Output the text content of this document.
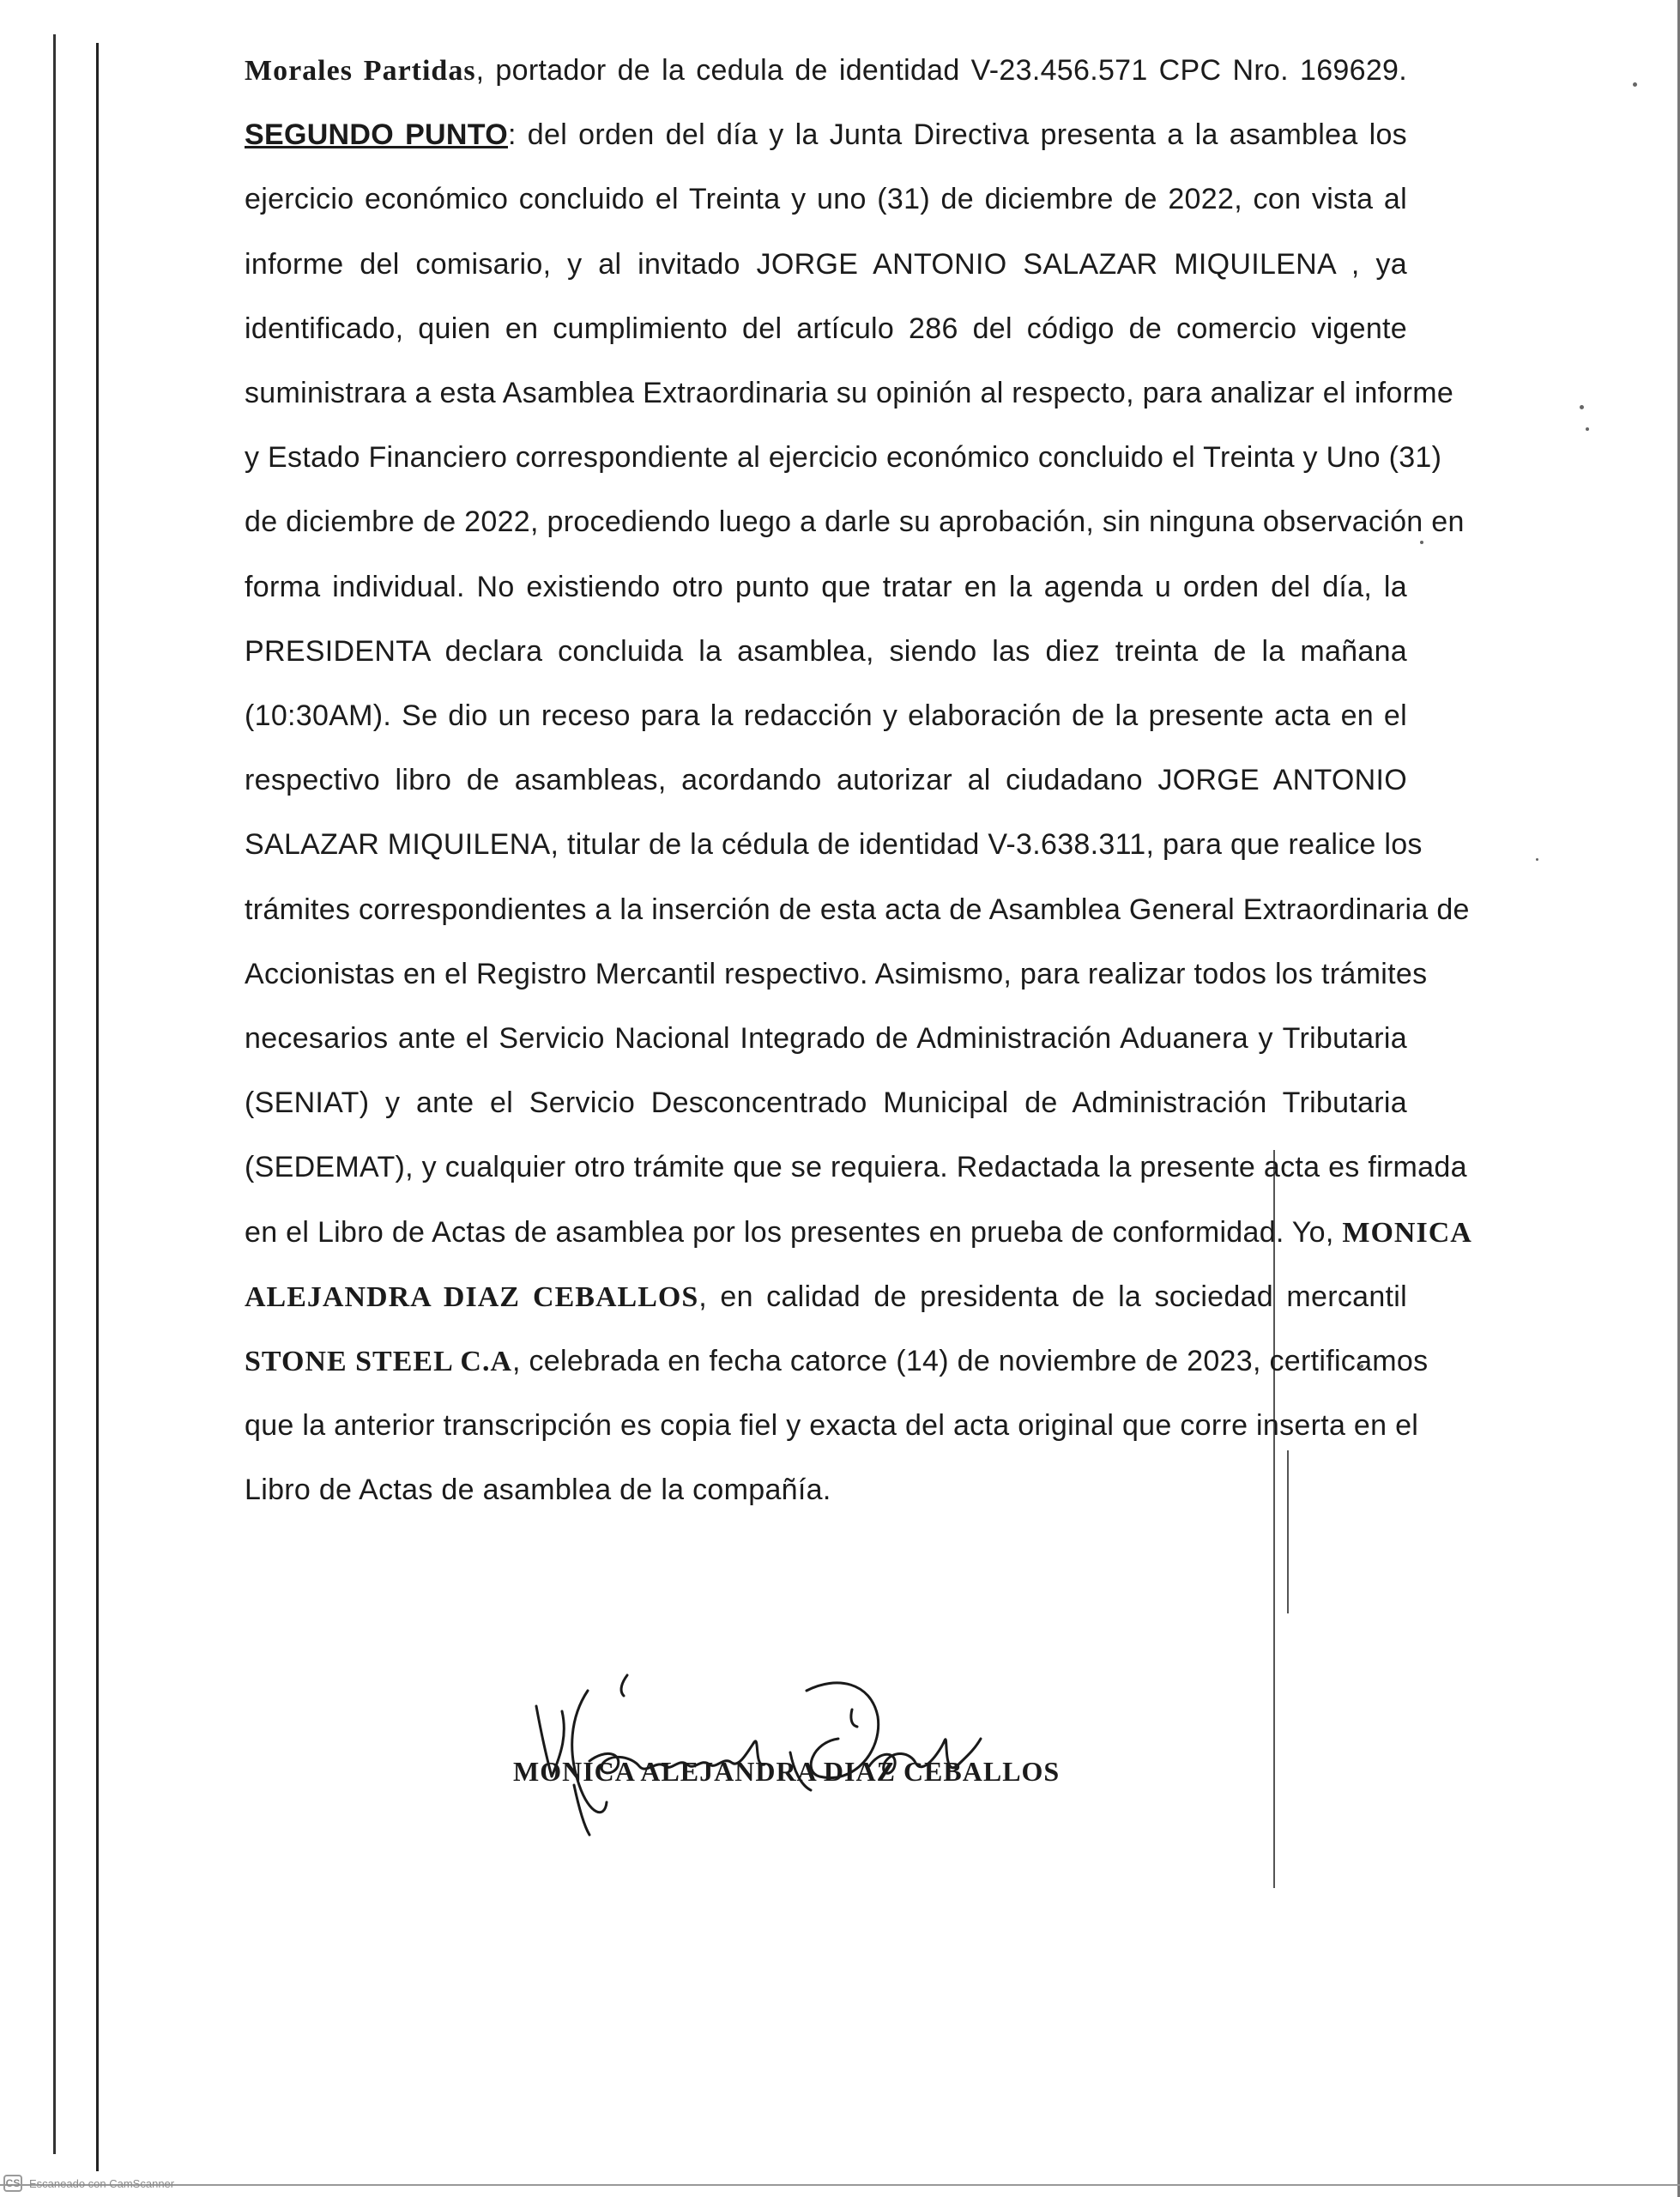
Morales Partidas, portador de la cedula de identidad V-23.456.571 CPC Nro. 169629.
SEGUNDO PUNTO: del orden del día y la Junta Directiva presenta a la asamblea los
ejercicio económico concluido el Treinta y uno (31) de diciembre de 2022, con vista al
informe del comisario, y al invitado JORGE ANTONIO SALAZAR MIQUILENA , ya
identificado, quien en cumplimiento del artículo 286 del código de comercio vigente
suministrara a esta Asamblea Extraordinaria su opinión al respecto, para analizar el informe
y Estado Financiero correspondiente al ejercicio económico concluido el Treinta y Uno (31)
de diciembre de 2022, procediendo luego a darle su aprobación, sin ninguna observación en
forma individual. No existiendo otro punto que tratar en la agenda u orden del día, la
PRESIDENTA declara concluida la asamblea, siendo las diez treinta de la mañana
(10:30AM). Se dio un receso para la redacción y elaboración de la presente acta en el
respectivo libro de asambleas, acordando autorizar al ciudadano JORGE ANTONIO
SALAZAR MIQUILENA, titular de la cédula de identidad V-3.638.311, para que realice los
trámites correspondientes a la inserción de esta acta de Asamblea General Extraordinaria de
Accionistas en el Registro Mercantil respectivo. Asimismo, para realizar todos los trámites
necesarios ante el Servicio Nacional Integrado de Administración Aduanera y Tributaria
(SENIAT) y ante el Servicio Desconcentrado Municipal de Administración Tributaria
(SEDEMAT), y cualquier otro trámite que se requiera. Redactada la presente acta es firmada
en el Libro de Actas de asamblea por los presentes en prueba de conformidad. Yo, MONICA
ALEJANDRA DIAZ CEBALLOS, en calidad de presidenta de la sociedad mercantil
STONE STEEL C.A, celebrada en fecha catorce (14) de noviembre de 2023, certificamos
que la anterior transcripción es copia fiel y exacta del acta original que corre inserta en el
Libro de Actas de asamblea de la compañía.
MONICA ALEJANDRA DIAZ CEBALLOS
CS Escaneado con CamScanner
